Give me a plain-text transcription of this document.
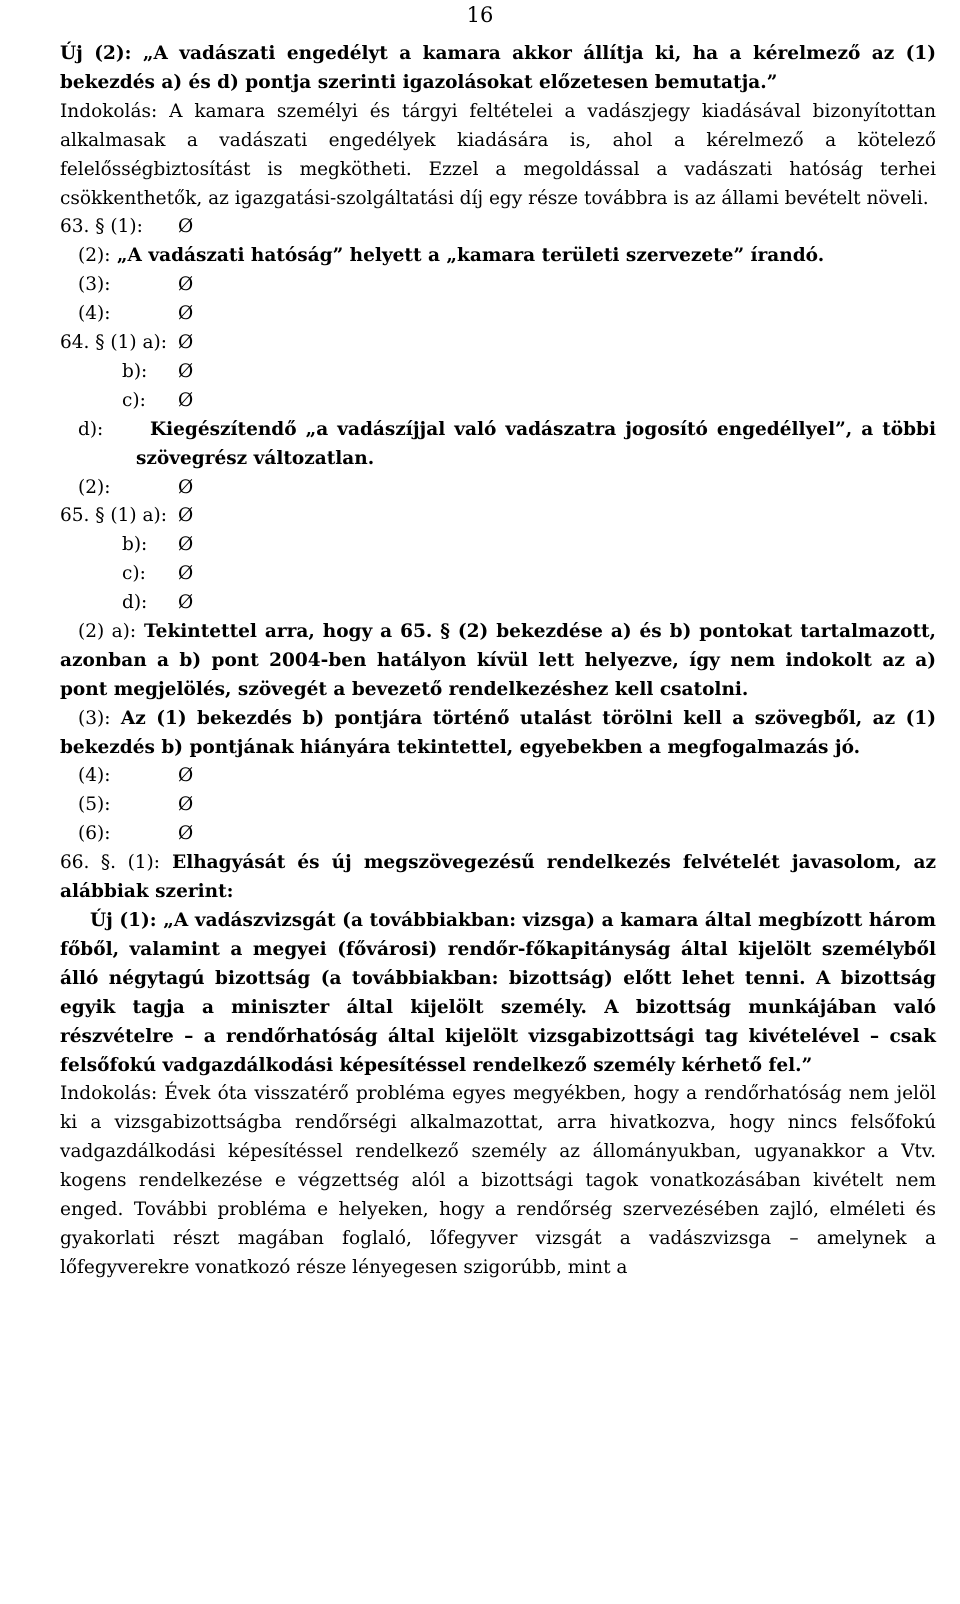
16

Új (2): „A vadászati engedélyt a kamara akkor állítja ki, ha a kérelmező az (1) bekezdés a) és d) pontja szerinti igazolásokat előzetesen bemutatja.”

Indokolás: A kamara személyi és tárgyi feltételei a vadászjegy kiadásával bizonyítottan alkalmasak a vadászati engedélyek kiadására is, ahol a kérelmező a kötelező felelősségbiztosítást is megkötheti. Ezzel a megoldással a vadászati hatóság terhei csökkenthetők, az igazgatási-szolgáltatási díj egy része továbbra is az állami bevételt növeli.

63. § (1): Ø

(2): „A vadászati hatóság” helyett a „kamara területi szervezete” írandó.

(3):	Ø
(4):	Ø
64. § (1) a): Ø
b): Ø
c): Ø
d):	Kiegészítendő „a vadászíjjal való vadászatra jogosító engedéllyel”, a többi szövegrész változatlan.

(2):	Ø
65. § (1) a): Ø
b): Ø
c): Ø
d): Ø

(2) a): Tekintettel arra, hogy a 65. § (2) bekezdése a) és b) pontokat tartalmazott, azonban a b) pont 2004-ben hatályon kívül lett helyezve, így nem indokolt az a) pont megjelölés, szövegét a bevezető rendelkezéshez kell csatolni.

(3): Az (1) bekezdés b) pontjára történő utalást törölni kell a szövegből, az (1) bekezdés b) pontjának hiányára tekintettel, egyebekben a megfogalmazás jó.

(4):	Ø
(5):	Ø
(6):	Ø

66. §. (1): Elhagyását és új megszövegezésű rendelkezés felvételét javasolom, az alábbiak szerint:

Új (1): „A vadászvizsgát (a továbbiakban: vizsga) a kamara által megbízott három főből, valamint a megyei (fővárosi) rendőr-főkapitányság által kijelölt személyből álló négytagú bizottság (a továbbiakban: bizottság) előtt lehet tenni. A bizottság egyik tagja a miniszter által kijelölt személy. A bizottság munkájában való részvételre – a rendőrhatóság által kijelölt vizsgabizottsági tag kivételével – csak felsőfokú vadgazdálkodási képesítéssel rendelkező személy kérhető fel.”

Indokolás: Évek óta visszatérő probléma egyes megyékben, hogy a rendőrhatóság nem jelöl ki a vizsgabizottságba rendőrségi alkalmazottat, arra hivatkozva, hogy nincs felsőfokú vadgazdálkodási képesítéssel rendelkező személy az állományukban, ugyanakkor a Vtv. kogens rendelkezése e végzettség alól a bizottsági tagok vonatkozásában kivételt nem enged. További probléma e helyeken, hogy a rendőrség szervezésében zajló, elméleti és gyakorlati részt magában foglaló, lőfegyver vizsgát a vadászvizsga – amelynek a lőfegyverekre vonatkozó része lényegesen szigorúbb, mint a
